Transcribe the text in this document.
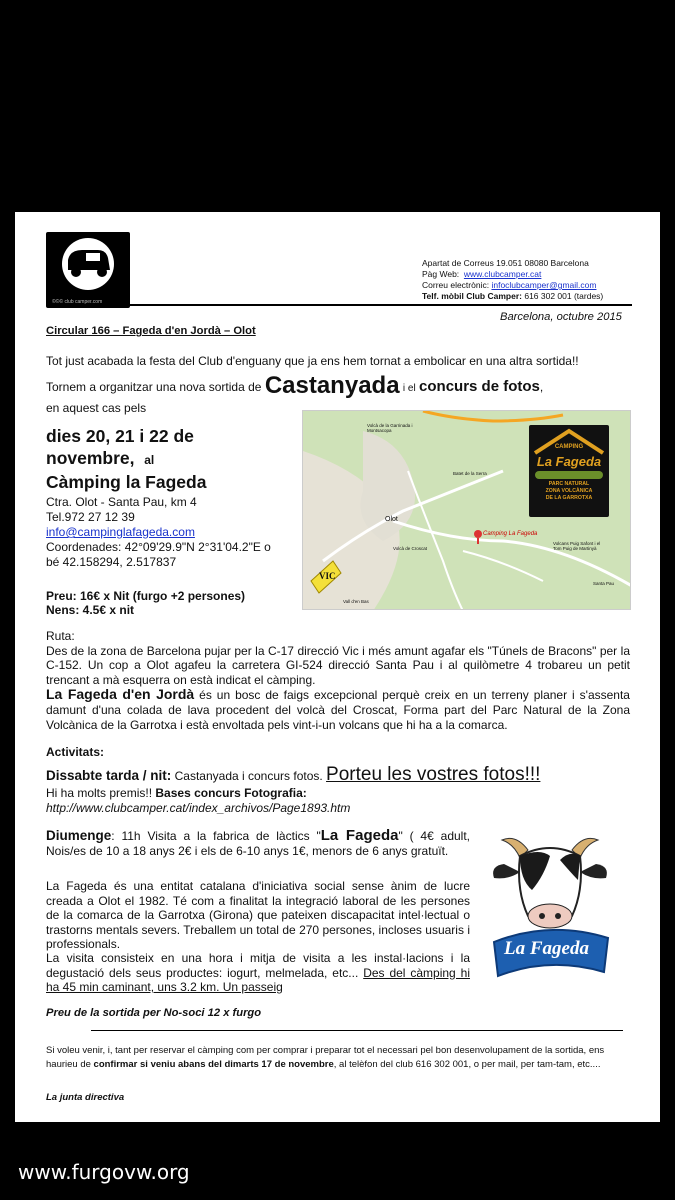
©©© club camper.com
Apartat de Correus 19.051 08080 Barcelona
Pàg Web: www.clubcamper.cat
Correu electrònic: infoclubcamper@gmail.com
Telf. mòbil Club Camper: 616 302 001 (tardes)
Barcelona, octubre 2015
Circular 166 – Fageda d'en Jordà – Olot
Tot just acabada la festa del Club d'enguany que ja ens hem tornat a embolicar en una altra sortida!!
Tornem a organitzar una nova sortida de Castanyada i el concurs de fotos,
en aquest cas pels
dies 20, 21 i 22 de
novembre, al
Càmping la Fageda
Ctra. Olot - Santa Pau, km 4
Tel.972 27 12 39
info@campinglafageda.com
Coordenades: 42°09'29.9"N 2°31'04.2"E o
bé 42.158294, 2.517837
VIC
Olot
Camping La Fageda
Volcà de la Garrinada i Montsacopa
Batet de la Serra
Volcà de Croscat
Volcans Puig Safont i el Tom Puig de Martinyà
Santa Pau
Vall d'en Bas
CAMPING
La Fageda
PARC NATURAL
ZONA VOLCÀNICA
DE LA GARROTXA
Preu: 16€ x Nit (furgo +2 persones)
Nens: 4.5€ x nit
Ruta:

Des de la zona de Barcelona pujar per la C-17 direcció Vic i més amunt agafar els "Túnels de Bracons" per la C-152. Un cop a Olot agafeu la carretera GI-524 direcció Santa Pau i al quilòmetre 4 trobareu un petit trencant a mà esquerra on està indicat el càmping.

La Fageda d'en Jordà és un bosc de faigs excepcional perquè creix en un terreny planer i s'assenta damunt d'una colada de lava procedent del volcà del Croscat, Forma part del Parc Natural de la Zona Volcànica de la Garrotxa i està envoltada pels vint-i-un volcans que hi ha a la comarca.

Activitats:
Dissabte tarda / nit: Castanyada i concurs fotos. Porteu les vostres fotos!!!
Hi ha molts premis!! Bases concurs Fotografia:
http://www.clubcamper.cat/index_archivos/Page1893.htm

Diumenge: 11h Visita a la fabrica de làctics "La Fageda" ( 4€ adult, Nois/es de 10 a 18 anys 2€ i els de 6-10 anys 1€, menors de 6 anys gratuït.

La Fageda és una entitat catalana d'iniciativa social sense ànim de lucre creada a Olot el 1982. Té com a finalitat la integració laboral de les persones de la comarca de la Garrotxa (Girona) que pateixen discapacitat intel·lectual o trastorns mentals severs. Treballem un total de 270 persones, incloses usuaris i professionals.

La visita consisteix en una hora i mitja de visita a les instal·lacions i la degustació dels seus productes: iogurt, melmelada, etc... Des del càmping hi ha 45 min caminant, uns 3.2 km. Un passeig

La Fageda
Preu de la sortida per No-soci 12 x furgo

Si voleu venir, i, tant per reservar el càmping com per comprar i preparar tot el necessari pel bon desenvolupament de la sortida, ens haurieu de confirmar si veniu abans del dimarts 17 de novembre, al telèfon del club 616 302 001, o per mail, per tam-tam, etc....

La junta directiva
www.furgovw.org
